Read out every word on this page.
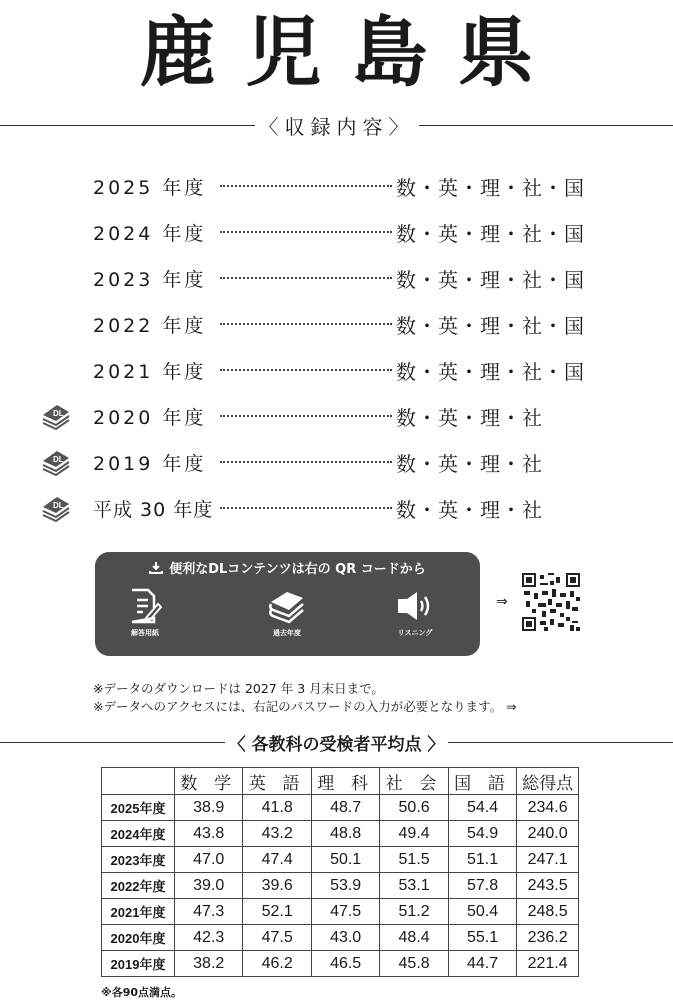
鹿児島県
〈収録内容〉
2025 年度	数・英・理・社・国
2024 年度	数・英・理・社・国
2023 年度	数・英・理・社・国
2022 年度	数・英・理・社・国
2021 年度	数・英・理・社・国
DL 2020 年度	数・英・理・社
DL 2019 年度	数・英・理・社
DL 平成 30 年度	数・英・理・社
便利なDLコンテンツは右の QR コードから
解答用紙	過去年度	リスニング
⇒
※データのダウンロードは 2027 年 3 月末日まで。
※データへのアクセスには、右記のパスワードの入力が必要となります。 ⇒
〈 各教科の受検者平均点 〉
	数 学	英 語	理 科	社 会	国 語	総得点
2025年度	38.9	41.8	48.7	50.6	54.4	234.6
2024年度	43.8	43.2	48.8	49.4	54.9	240.0
2023年度	47.0	47.4	50.1	51.5	51.1	247.1
2022年度	39.0	39.6	53.9	53.1	57.8	243.5
2021年度	47.3	52.1	47.5	51.2	50.4	248.5
2020年度	42.3	47.5	43.0	48.4	55.1	236.2
2019年度	38.2	46.2	46.5	45.8	44.7	221.4
※各90点満点。
